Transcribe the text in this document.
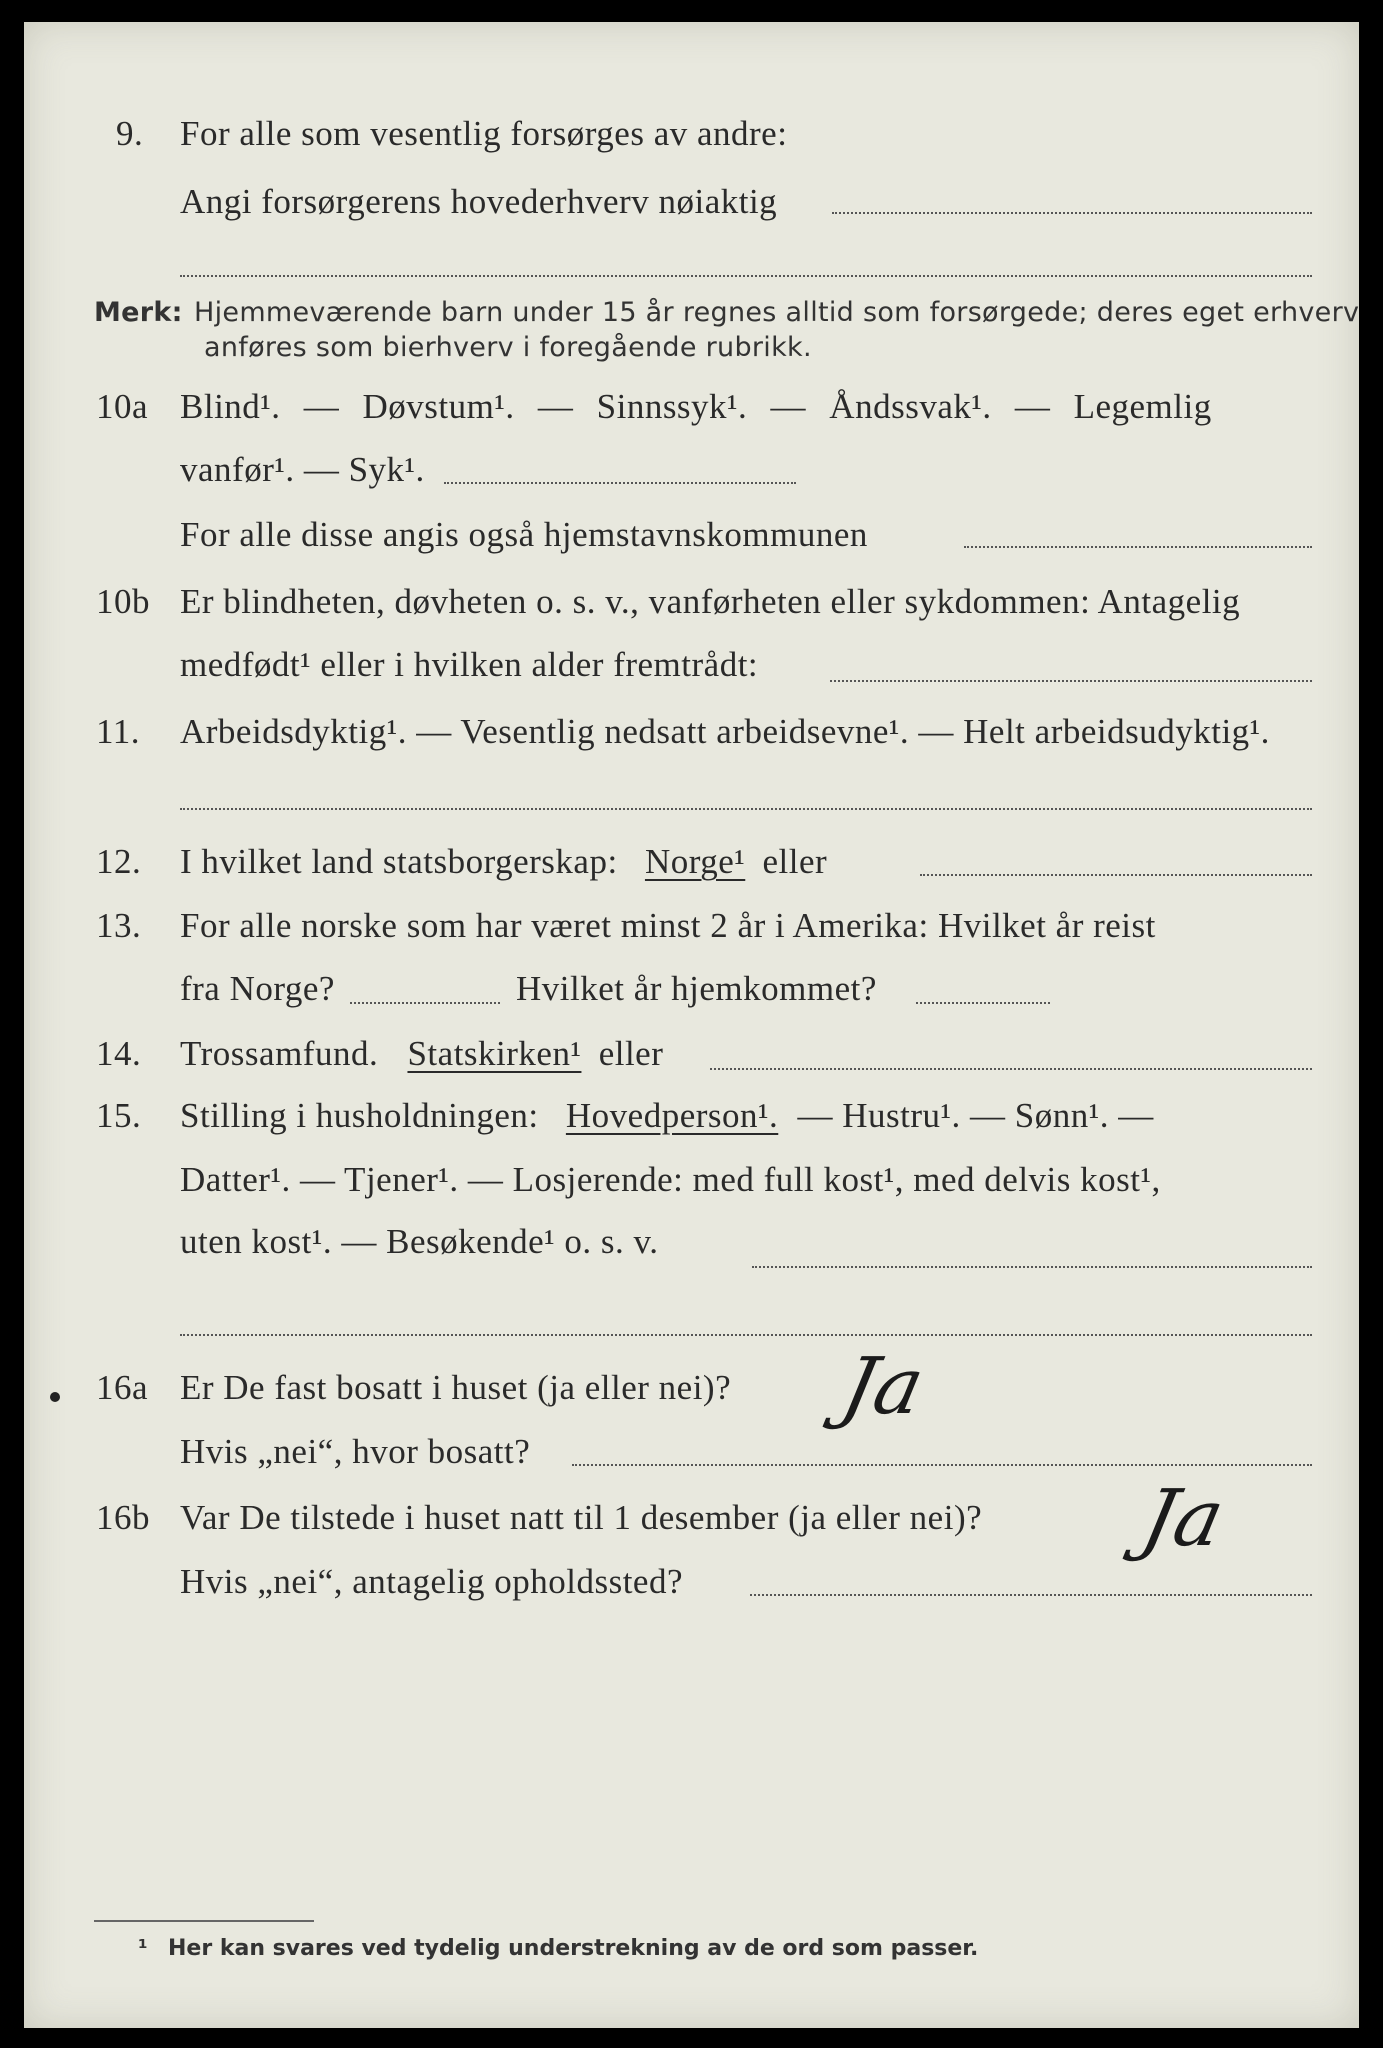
9.	For alle som vesentlig forsørges av andre:
Angi forsørgerens hovederhverv nøiaktig
Merk: Hjemmeværende barn under 15 år regnes alltid som forsørgede; deres eget erhverv
anføres som bierhverv i foregående rubrikk.
10a Blind¹. — Døvstum¹. — Sinnssyk¹. — Åndssvak¹. — Legemlig
vanfør¹. — Syk¹.
For alle disse angis også hjemstavnskommunen
10b Er blindheten, døvheten o. s. v., vanførheten eller sykdommen: Antagelig
medfødt¹ eller i hvilken alder fremtrådt:
11.	Arbeidsdyktig¹. — Vesentlig nedsatt arbeidsevne¹. — Helt arbeidsudyktig¹.
12.	I hvilket land statsborgerskap: Norge¹ eller
13.	For alle norske som har været minst 2 år i Amerika: Hvilket år reist
fra Norge?	Hvilket år hjemkommet?
14.	Trossamfund. Statskirken¹ eller
15.	Stilling i husholdningen: Hovedperson¹. — Hustru¹. — Sønn¹. —
Datter¹. — Tjener¹. — Losjerende: med full kost¹, med delvis kost¹,
uten kost¹. — Besøkende¹ o. s. v.
16a Er De fast bosatt i huset (ja eller nei)? Ja
Hvis „nei“, hvor bosatt?
16b Var De tilstede i huset natt til 1 desember (ja eller nei)? Ja
Hvis „nei“, antagelig opholdssted?
¹ Her kan svares ved tydelig understrekning av de ord som passer.
